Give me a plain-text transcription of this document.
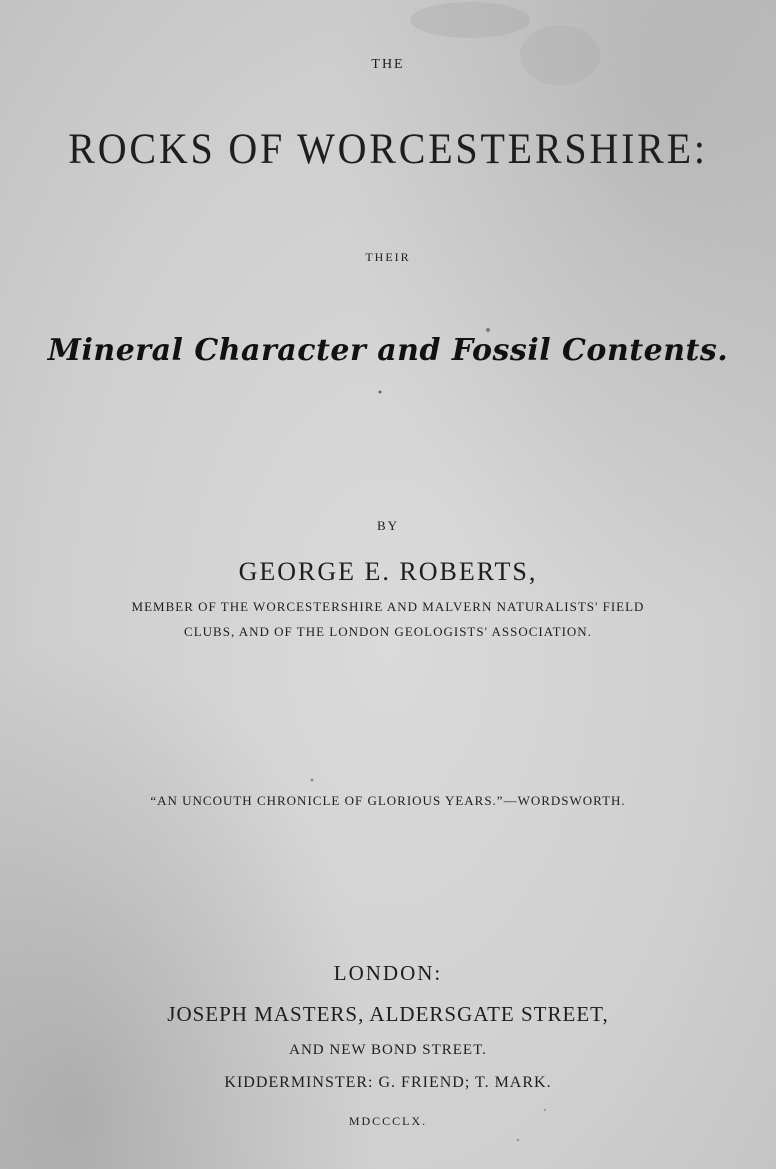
THE
ROCKS OF WORCESTERSHIRE:
THEIR
Mineral Character and Fossil Contents.
BY
GEORGE E. ROBERTS,
MEMBER OF THE WORCESTERSHIRE AND MALVERN NATURALISTS' FIELD
CLUBS, AND OF THE LONDON GEOLOGISTS' ASSOCIATION.
“AN UNCOUTH CHRONICLE OF GLORIOUS YEARS.”—WORDSWORTH.
LONDON:
JOSEPH MASTERS, ALDERSGATE STREET,
AND NEW BOND STREET.
KIDDERMINSTER: G. FRIEND; T. MARK.
MDCCCLX.
